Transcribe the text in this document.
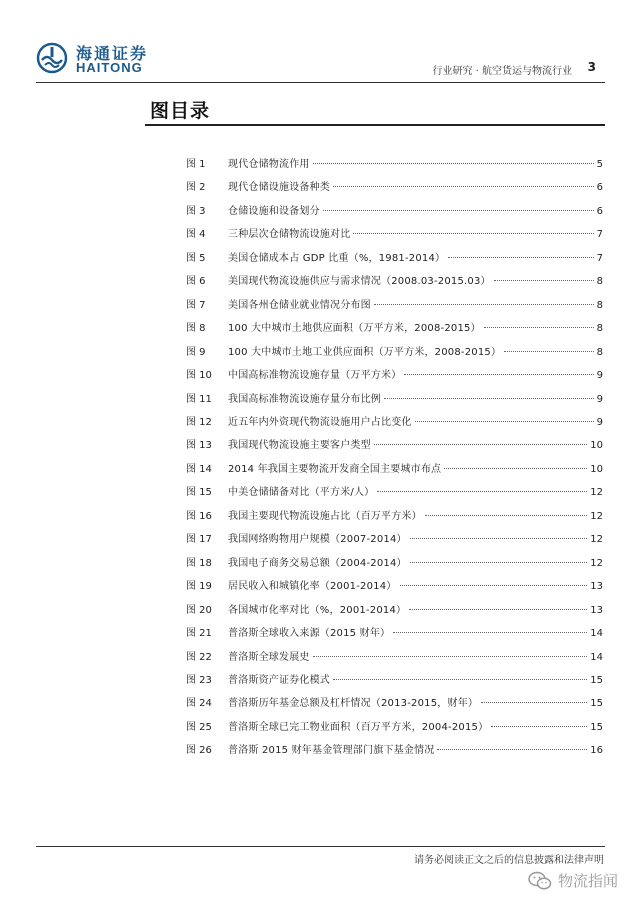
海通证券
HAITONG	行业研究 · 航空货运与物流行业 3
图目录
图 1	现代仓储物流作用	5
图 2	现代仓储设施设备种类	6
图 3	仓储设施和设备划分	6
图 4	三种层次仓储物流设施对比	7
图 5	美国仓储成本占 GDP 比重（%，1981-2014）	7
图 6	美国现代物流设施供应与需求情况（2008.03-2015.03）	8
图 7	美国各州仓储业就业情况分布图	8
图 8	100 大中城市土地供应面积（万平方米，2008-2015）	8
图 9	100 大中城市土地工业供应面积（万平方米，2008-2015）	8
图 10	中国高标准物流设施存量（万平方米）	9
图 11	我国高标准物流设施存量分布比例	9
图 12	近五年内外资现代物流设施用户占比变化	9
图 13	我国现代物流设施主要客户类型	10
图 14	2014 年我国主要物流开发商全国主要城市布点	10
图 15	中美仓储储备对比（平方米/人）	12
图 16	我国主要现代物流设施占比（百万平方米）	12
图 17	我国网络购物用户规模（2007-2014）	12
图 18	我国电子商务交易总额（2004-2014）	12
图 19	居民收入和城镇化率（2001-2014）	13
图 20	各国城市化率对比（%，2001-2014）	13
图 21	普洛斯全球收入来源（2015 财年）	14
图 22	普洛斯全球发展史	14
图 23	普洛斯资产证券化模式	15
图 24	普洛斯历年基金总额及杠杆情况（2013-2015，财年）	15
图 25	普洛斯全球已完工物业面积（百万平方米，2004-2015）	15
图 26	普洛斯 2015 财年基金管理部门旗下基金情况	16
请务必阅读正文之后的信息披露和法律声明
物流指闻
